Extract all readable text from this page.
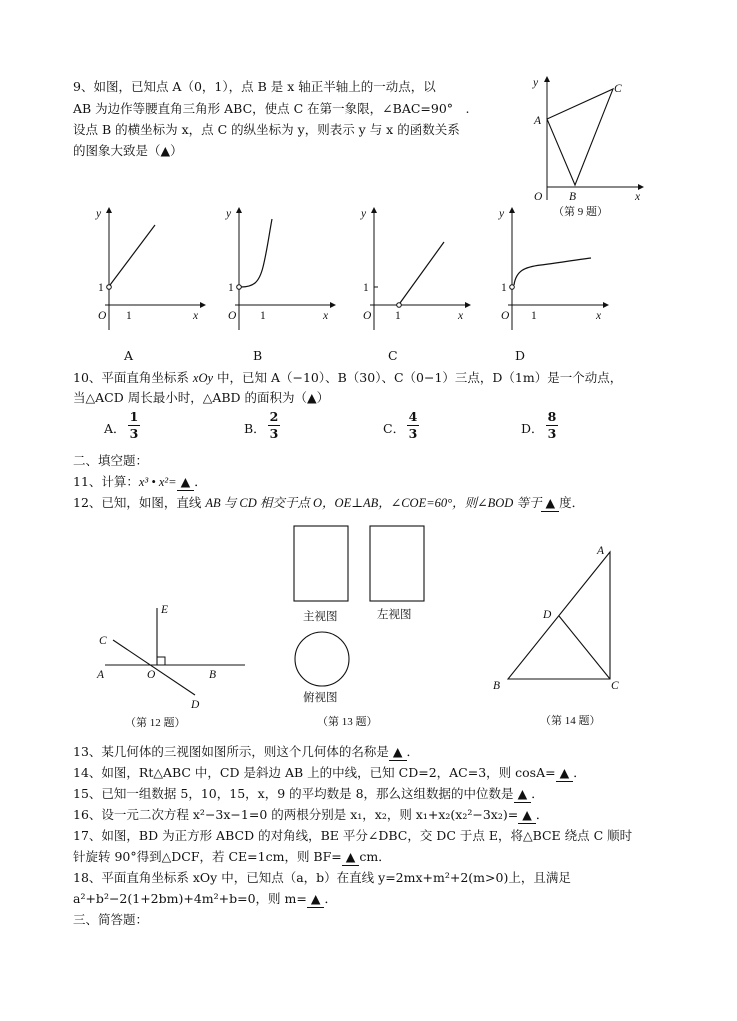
9、如图，已知点 A（0，1），点 B 是 x 轴正半轴上的一动点，以
AB 为边作等腰直角三角形 ABC，使点 C 在第一象限，∠BAC=90°　.
设点 B 的横坐标为 x，点 C 的纵坐标为 y，则表示 y 与 x 的函数关系
的图象大致是（▲）
y
x
O
A
B
C
（第 9 题）
y
1
O 1	x
y
1
O 1	x
y
1
O 1	x
y
1
O 1	x
A	B	C	D
10、平面直角坐标系 xOy 中，已知 A（−10）、B（30）、C（0−1）三点，D（1m）是一个动点，
当△ACD 周长最小时，△ABD 的面积为（▲）
A．
1
3	B．
2
3	C．
4
3	D．
8
3
二、填空题：
11、计算：x³ • x²= ▲ ．
12、已知，如图，直线 AB 与 CD 相交于点 O，OE⊥AB，∠COE=60°，则∠BOD 等于 ▲ 度．
E
C
A	O	B
D
（第 12 题）
主视图	左视图
俯视图
（第 13 题）
A
D
B	C
（第 14 题）
13、某几何体的三视图如图所示，则这个几何体的名称是 ▲ ．
14、如图，Rt△ABC 中，CD 是斜边 AB 上的中线，已知 CD=2，AC=3，则 cosA= ▲ ．
15、已知一组数据 5，10，15，x，9 的平均数是 8，那么这组数据的中位数是 ▲ ．
16、设一元二次方程 x²−3x−1=0 的两根分别是 x₁，x₂，则 x₁+x₂(x₂²−3x₂)= ▲ ．
17、如图，BD 为正方形 ABCD 的对角线，BE 平分∠DBC，交 DC 于点 E，将△BCE 绕点 C 顺时
针旋转 90°得到△DCF，若 CE=1cm，则 BF= ▲ cm．
18、平面直角坐标系 xOy 中，已知点（a，b）在直线 y=2mx+m²+2(m>0)上，且满足
a²+b²−2(1+2bm)+4m²+b=0，则 m= ▲ ．
三、简答题：
